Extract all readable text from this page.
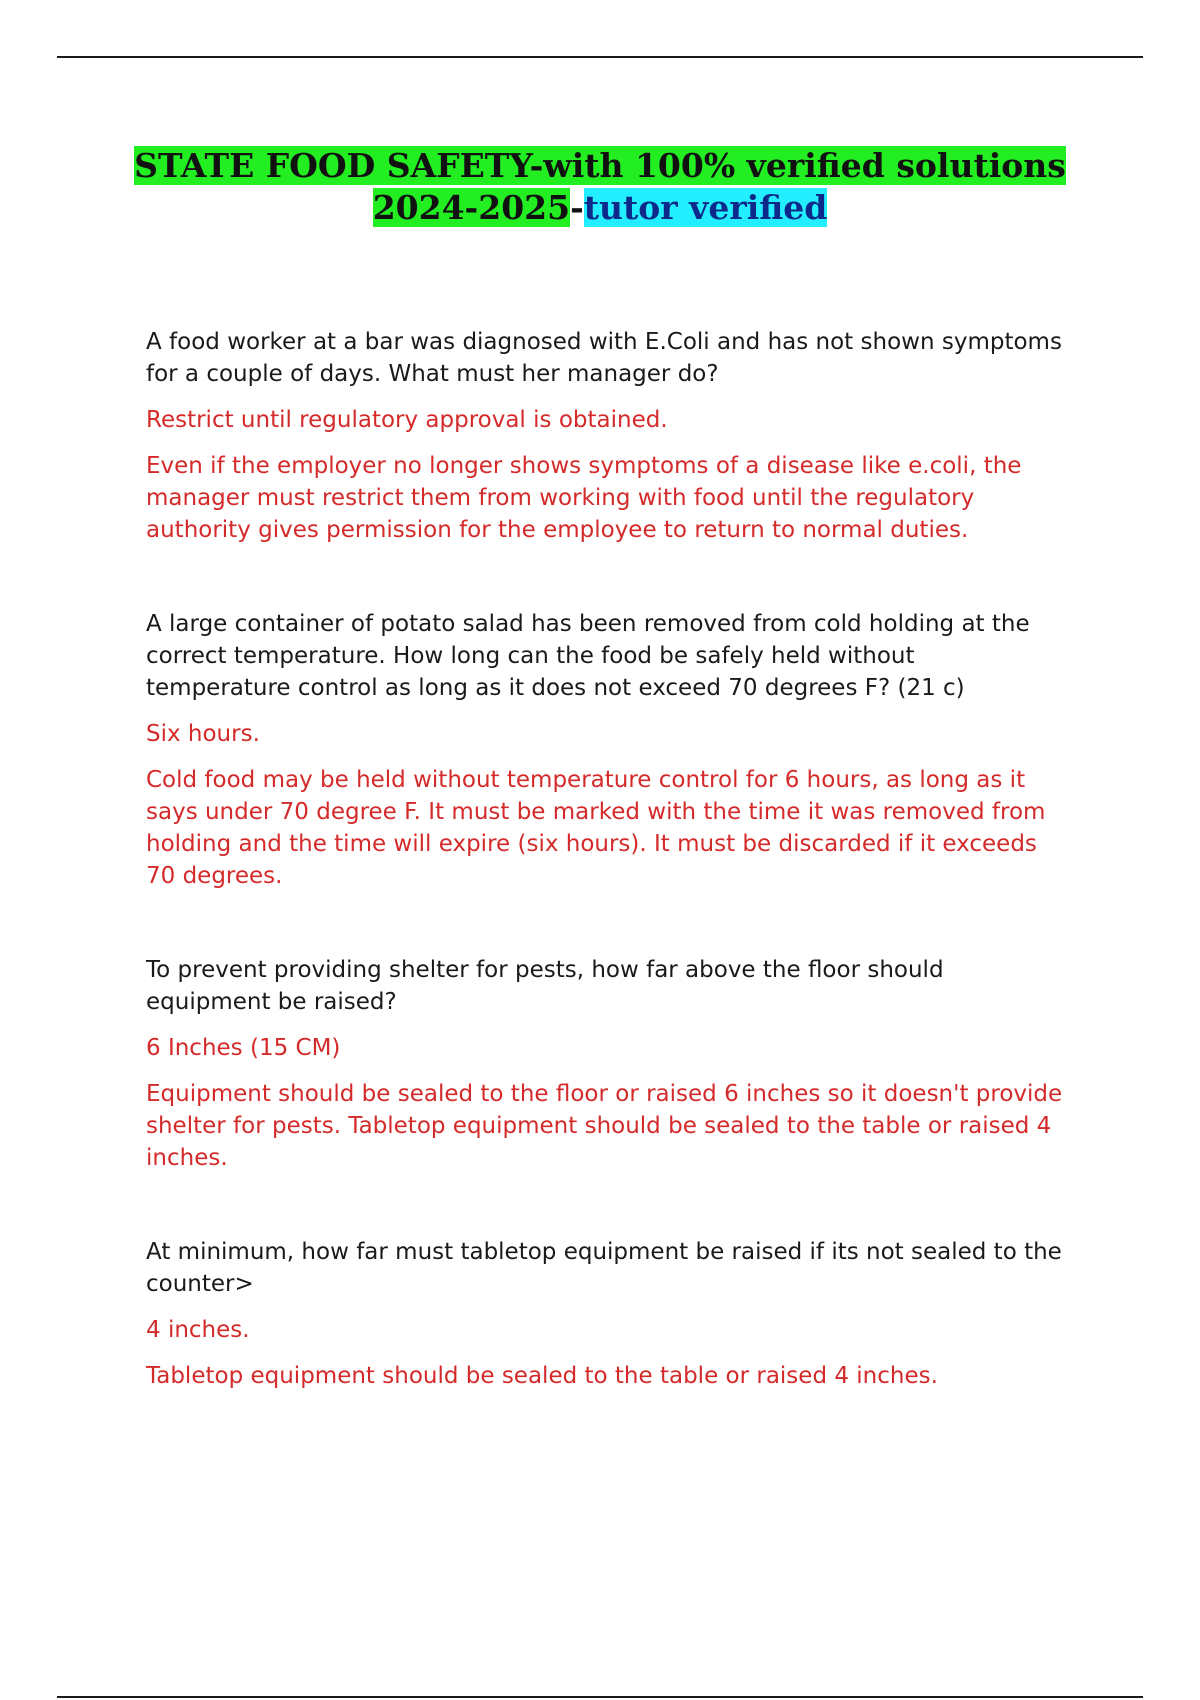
STATE FOOD SAFETY-with 100% verified solutions
2024-2025-tutor verified

A food worker at a bar was diagnosed with E.Coli and has not shown symptoms for a couple of days. What must her manager do?

Restrict until regulatory approval is obtained.

Even if the employer no longer shows symptoms of a disease like e.coli, the manager must restrict them from working with food until the regulatory authority gives permission for the employee to return to normal duties.

A large container of potato salad has been removed from cold holding at the correct temperature. How long can the food be safely held without temperature control as long as it does not exceed 70 degrees F? (21 c)

Six hours.

Cold food may be held without temperature control for 6 hours, as long as it says under 70 degree F. It must be marked with the time it was removed from holding and the time will expire (six hours). It must be discarded if it exceeds 70 degrees.

To prevent providing shelter for pests, how far above the floor should equipment be raised?

6 Inches (15 CM)

Equipment should be sealed to the floor or raised 6 inches so it doesn't provide shelter for pests. Tabletop equipment should be sealed to the table or raised 4 inches.

At minimum, how far must tabletop equipment be raised if its not sealed to the counter>

4 inches.

Tabletop equipment should be sealed to the table or raised 4 inches.
